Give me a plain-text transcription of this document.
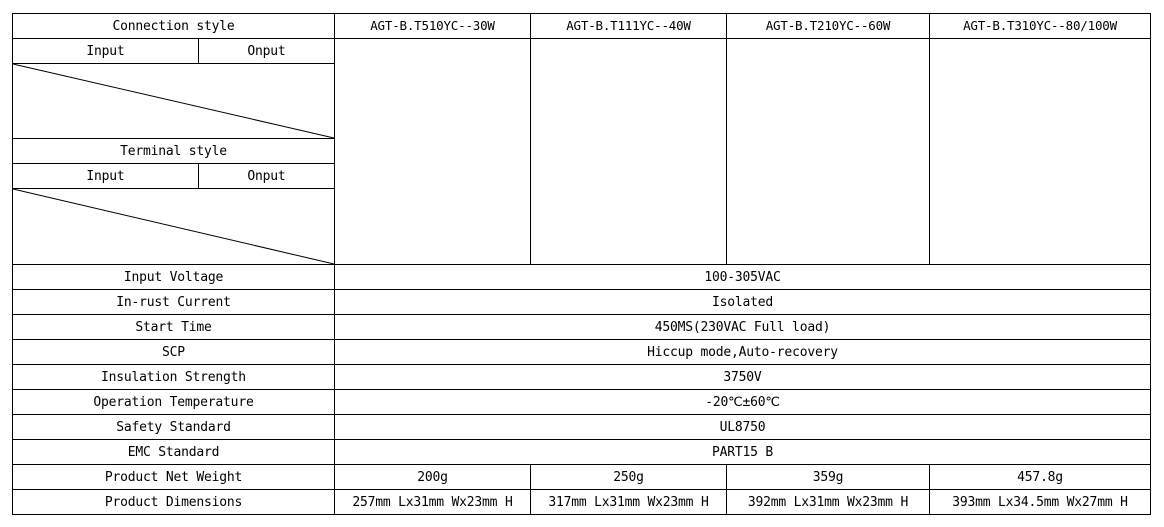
Connection style	AGT-B.T510YC--30W	AGT-B.T111YC--40W	AGT-B.T210YC--60W	AGT-B.T310YC--80/100W
Input	Onput
Terminal style
Input	Onput
Input Voltage	100-305VAC
In-rust Current	Isolated
Start Time	450MS(230VAC Full load)
SCP	Hiccup mode,Auto-recovery
Insulation Strength	3750V
Operation Temperature	-20℃±60℃
Safety Standard	UL8750
EMC Standard	PART15 B
Product Net Weight	200g	250g	359g	457.8g
Product Dimensions	257mm Lx31mm Wx23mm H	317mm Lx31mm Wx23mm H	392mm Lx31mm Wx23mm H	393mm Lx34.5mm Wx27mm H
